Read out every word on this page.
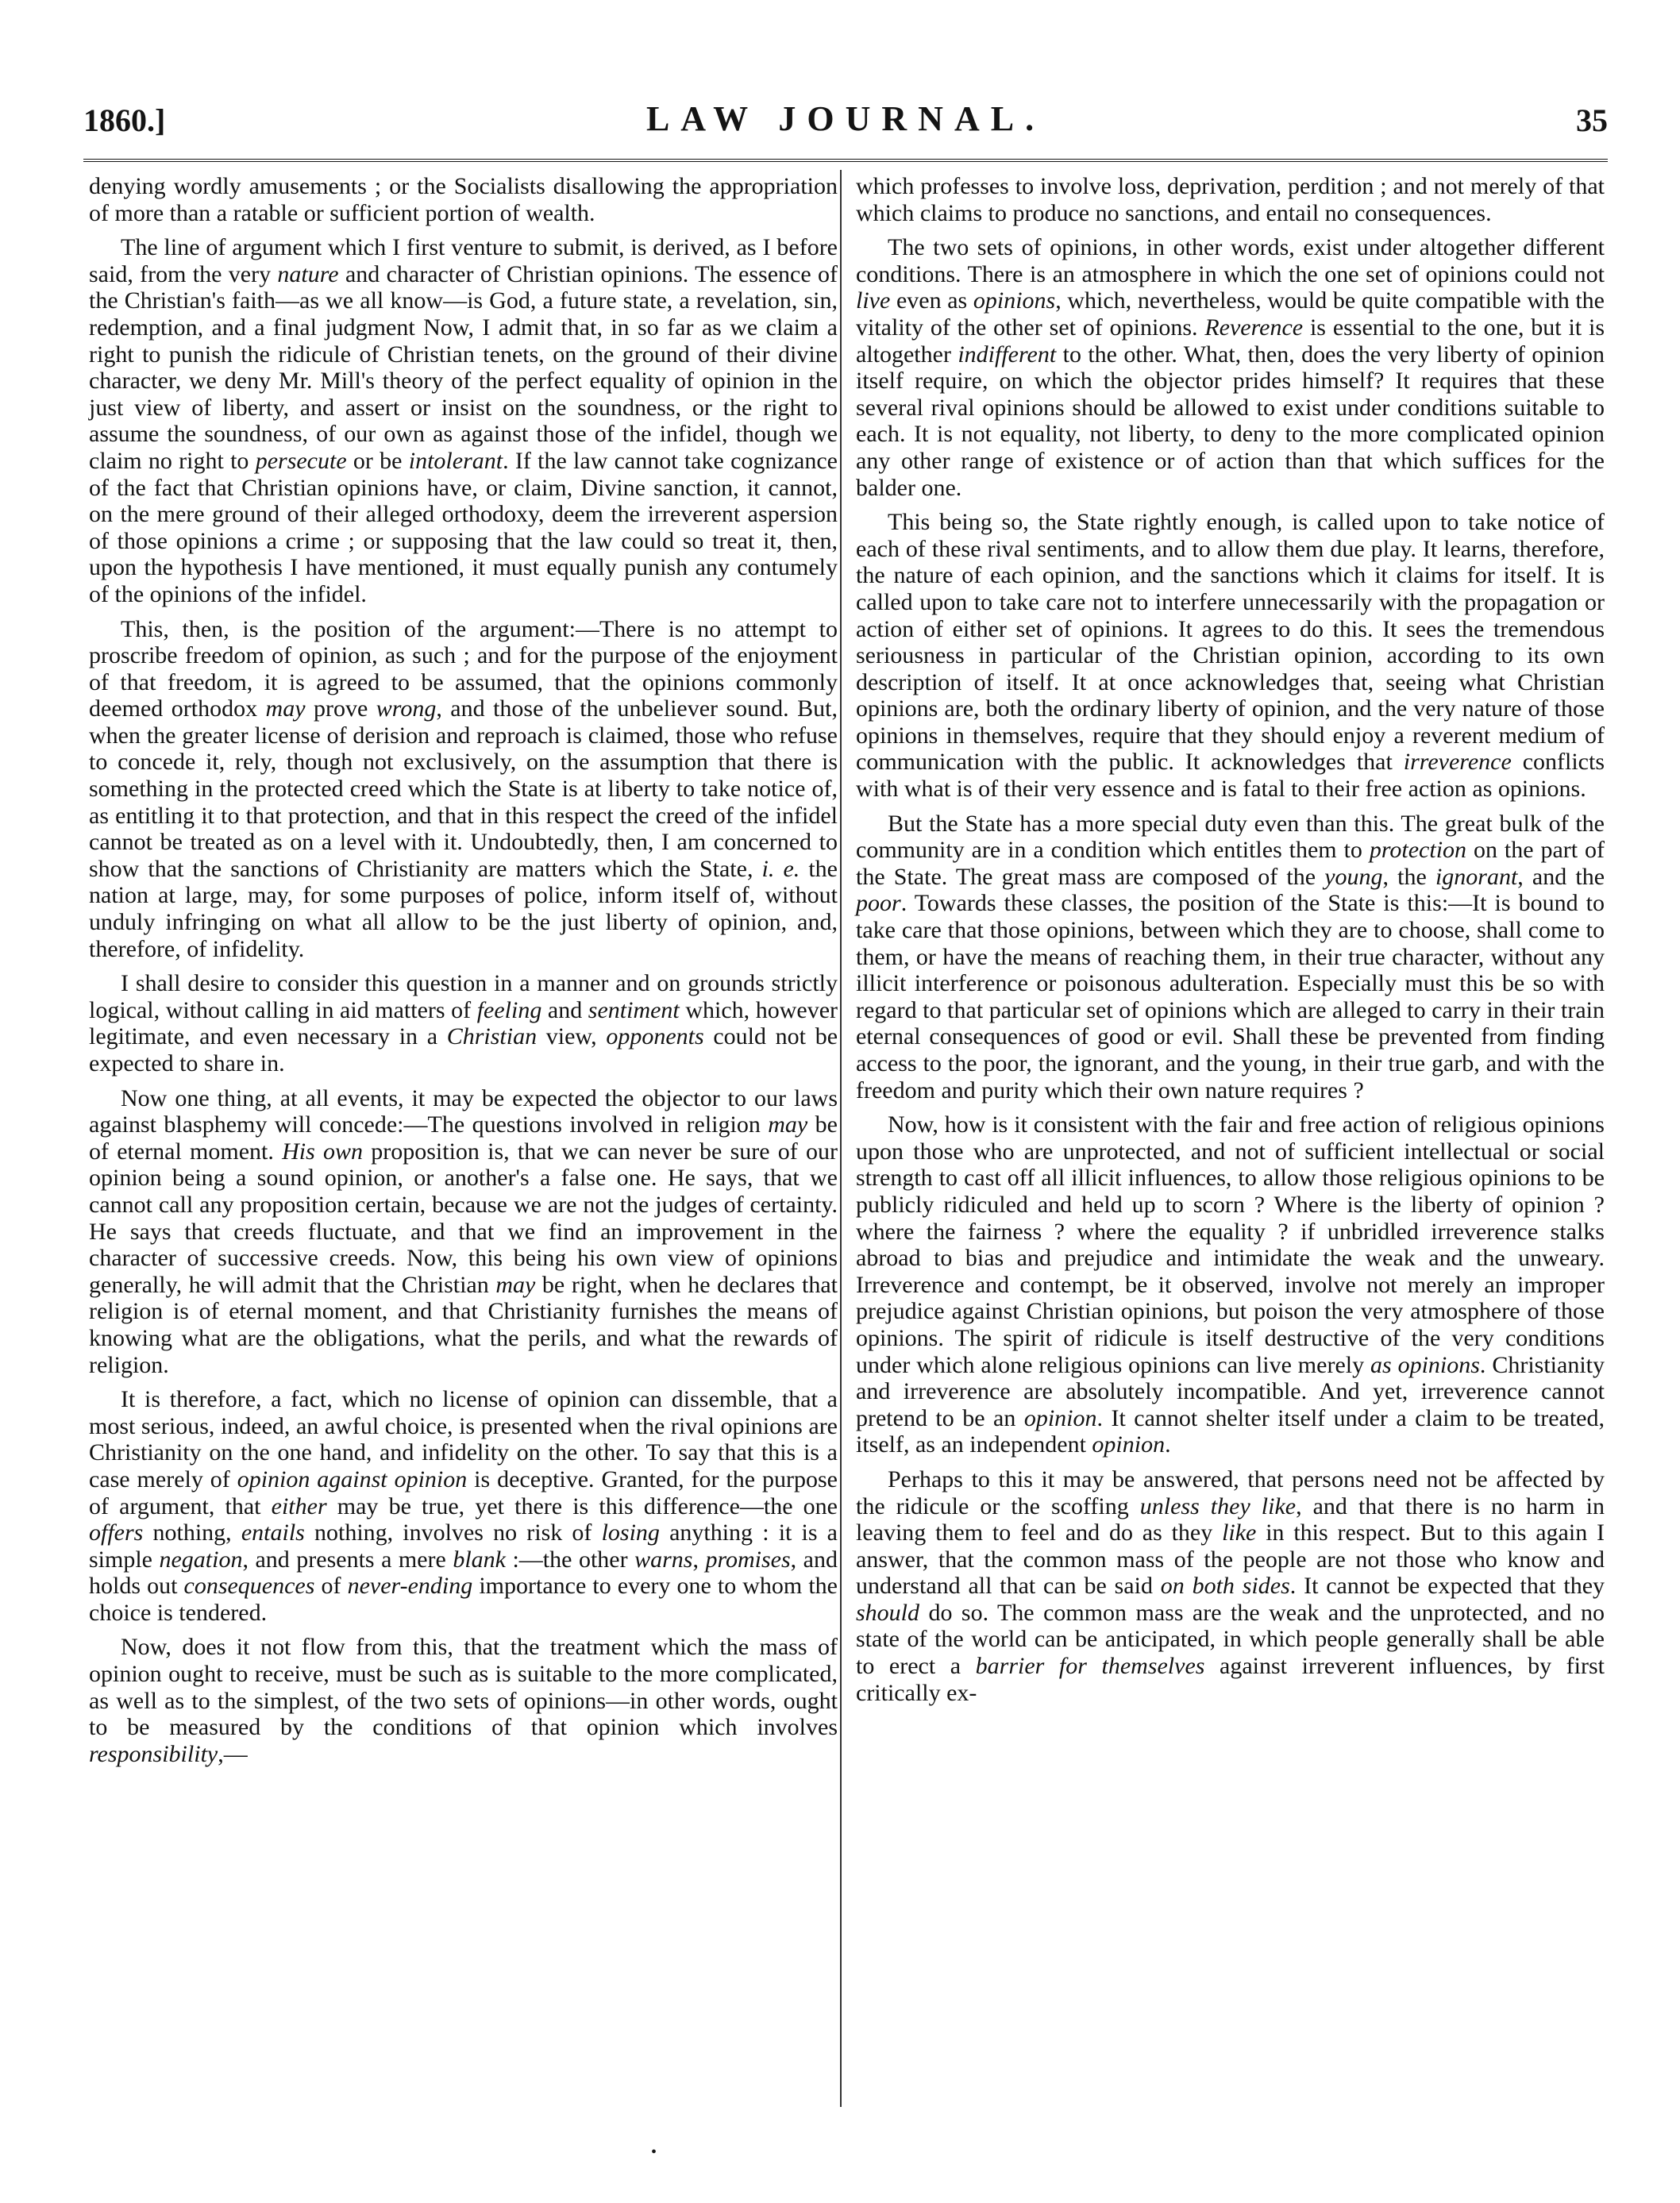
1860.]	LAW JOURNAL.	35

denying wordly amusements ; or the Socialists disallowing the appropriation of more than a ratable or sufficient portion of wealth.

The line of argument which I first venture to submit, is derived, as I before said, from the very nature and character of Christian opinions. The essence of the Christian's faith—as we all know—is God, a future state, a revelation, sin, redemption, and a final judgment Now, I admit that, in so far as we claim a right to punish the ridicule of Christian tenets, on the ground of their divine character, we deny Mr. Mill's theory of the perfect equality of opinion in the just view of liberty, and assert or insist on the soundness, or the right to assume the soundness, of our own as against those of the infidel, though we claim no right to persecute or be intolerant. If the law cannot take cognizance of the fact that Christian opinions have, or claim, Divine sanction, it cannot, on the mere ground of their alleged orthodoxy, deem the irreverent aspersion of those opinions a crime ; or supposing that the law could so treat it, then, upon the hypothesis I have mentioned, it must equally punish any contumely of the opinions of the infidel.

This, then, is the position of the argument:—There is no attempt to proscribe freedom of opinion, as such ; and for the purpose of the enjoyment of that freedom, it is agreed to be assumed, that the opinions commonly deemed orthodox may prove wrong, and those of the unbeliever sound. But, when the greater license of derision and reproach is claimed, those who refuse to concede it, rely, though not exclusively, on the assumption that there is something in the protected creed which the State is at liberty to take notice of, as entitling it to that protection, and that in this respect the creed of the infidel cannot be treated as on a level with it. Undoubtedly, then, I am concerned to show that the sanctions of Christianity are matters which the State, i. e. the nation at large, may, for some purposes of police, inform itself of, without unduly infringing on what all allow to be the just liberty of opinion, and, therefore, of infidelity.

I shall desire to consider this question in a manner and on grounds strictly logical, without calling in aid matters of feeling and sentiment which, however legitimate, and even necessary in a Christian view, opponents could not be expected to share in.

Now one thing, at all events, it may be expected the objector to our laws against blasphemy will concede:—The questions involved in religion may be of eternal moment. His own proposition is, that we can never be sure of our opinion being a sound opinion, or another's a false one. He says, that we cannot call any proposition certain, because we are not the judges of certainty. He says that creeds fluctuate, and that we find an improvement in the character of successive creeds. Now, this being his own view of opinions generally, he will admit that the Christian may be right, when he declares that religion is of eternal moment, and that Christianity furnishes the means of knowing what are the obligations, what the perils, and what the rewards of religion.

It is therefore, a fact, which no license of opinion can dissemble, that a most serious, indeed, an awful choice, is presented when the rival opinions are Christianity on the one hand, and infidelity on the other. To say that this is a case merely of opinion against opinion is deceptive. Granted, for the purpose of argument, that either may be true, yet there is this difference—the one offers nothing, entails nothing, involves no risk of losing anything : it is a simple negation, and presents a mere blank :—the other warns, promises, and holds out consequences of never-ending importance to every one to whom the choice is tendered.

Now, does it not flow from this, that the treatment which the mass of opinion ought to receive, must be such as is suitable to the more complicated, as well as to the simplest, of the two sets of opinions—in other words, ought to be measured by the conditions of that opinion which involves responsibility,—

which professes to involve loss, deprivation, perdition ; and not merely of that which claims to produce no sanctions, and entail no consequences.

The two sets of opinions, in other words, exist under altogether different conditions. There is an atmosphere in which the one set of opinions could not live even as opinions, which, nevertheless, would be quite compatible with the vitality of the other set of opinions. Reverence is essential to the one, but it is altogether indifferent to the other. What, then, does the very liberty of opinion itself require, on which the objector prides himself? It requires that these several rival opinions should be allowed to exist under conditions suitable to each. It is not equality, not liberty, to deny to the more complicated opinion any other range of existence or of action than that which suffices for the balder one.

This being so, the State rightly enough, is called upon to take notice of each of these rival sentiments, and to allow them due play. It learns, therefore, the nature of each opinion, and the sanctions which it claims for itself. It is called upon to take care not to interfere unnecessarily with the propagation or action of either set of opinions. It agrees to do this. It sees the tremendous seriousness in particular of the Christian opinion, according to its own description of itself. It at once acknowledges that, seeing what Christian opinions are, both the ordinary liberty of opinion, and the very nature of those opinions in themselves, require that they should enjoy a reverent medium of communication with the public. It acknowledges that irreverence conflicts with what is of their very essence and is fatal to their free action as opinions.

But the State has a more special duty even than this. The great bulk of the community are in a condition which entitles them to protection on the part of the State. The great mass are composed of the young, the ignorant, and the poor. Towards these classes, the position of the State is this:—It is bound to take care that those opinions, between which they are to choose, shall come to them, or have the means of reaching them, in their true character, without any illicit interference or poisonous adulteration. Especially must this be so with regard to that particular set of opinions which are alleged to carry in their train eternal consequences of good or evil. Shall these be prevented from finding access to the poor, the ignorant, and the young, in their true garb, and with the freedom and purity which their own nature requires ?

Now, how is it consistent with the fair and free action of religious opinions upon those who are unprotected, and not of sufficient intellectual or social strength to cast off all illicit influences, to allow those religious opinions to be publicly ridiculed and held up to scorn ? Where is the liberty of opinion ? where the fairness ? where the equality ? if unbridled irreverence stalks abroad to bias and prejudice and intimidate the weak and the unweary. Irreverence and contempt, be it observed, involve not merely an improper prejudice against Christian opinions, but poison the very atmosphere of those opinions. The spirit of ridicule is itself destructive of the very conditions under which alone religious opinions can live merely as opinions. Christianity and irreverence are absolutely incompatible. And yet, irreverence cannot pretend to be an opinion. It cannot shelter itself under a claim to be treated, itself, as an independent opinion.

Perhaps to this it may be answered, that persons need not be affected by the ridicule or the scoffing unless they like, and that there is no harm in leaving them to feel and do as they like in this respect. But to this again I answer, that the common mass of the people are not those who know and understand all that can be said on both sides. It cannot be expected that they should do so. The common mass are the weak and the unprotected, and no state of the world can be anticipated, in which people generally shall be able to erect a barrier for themselves against irreverent influences, by first critically ex-

•
